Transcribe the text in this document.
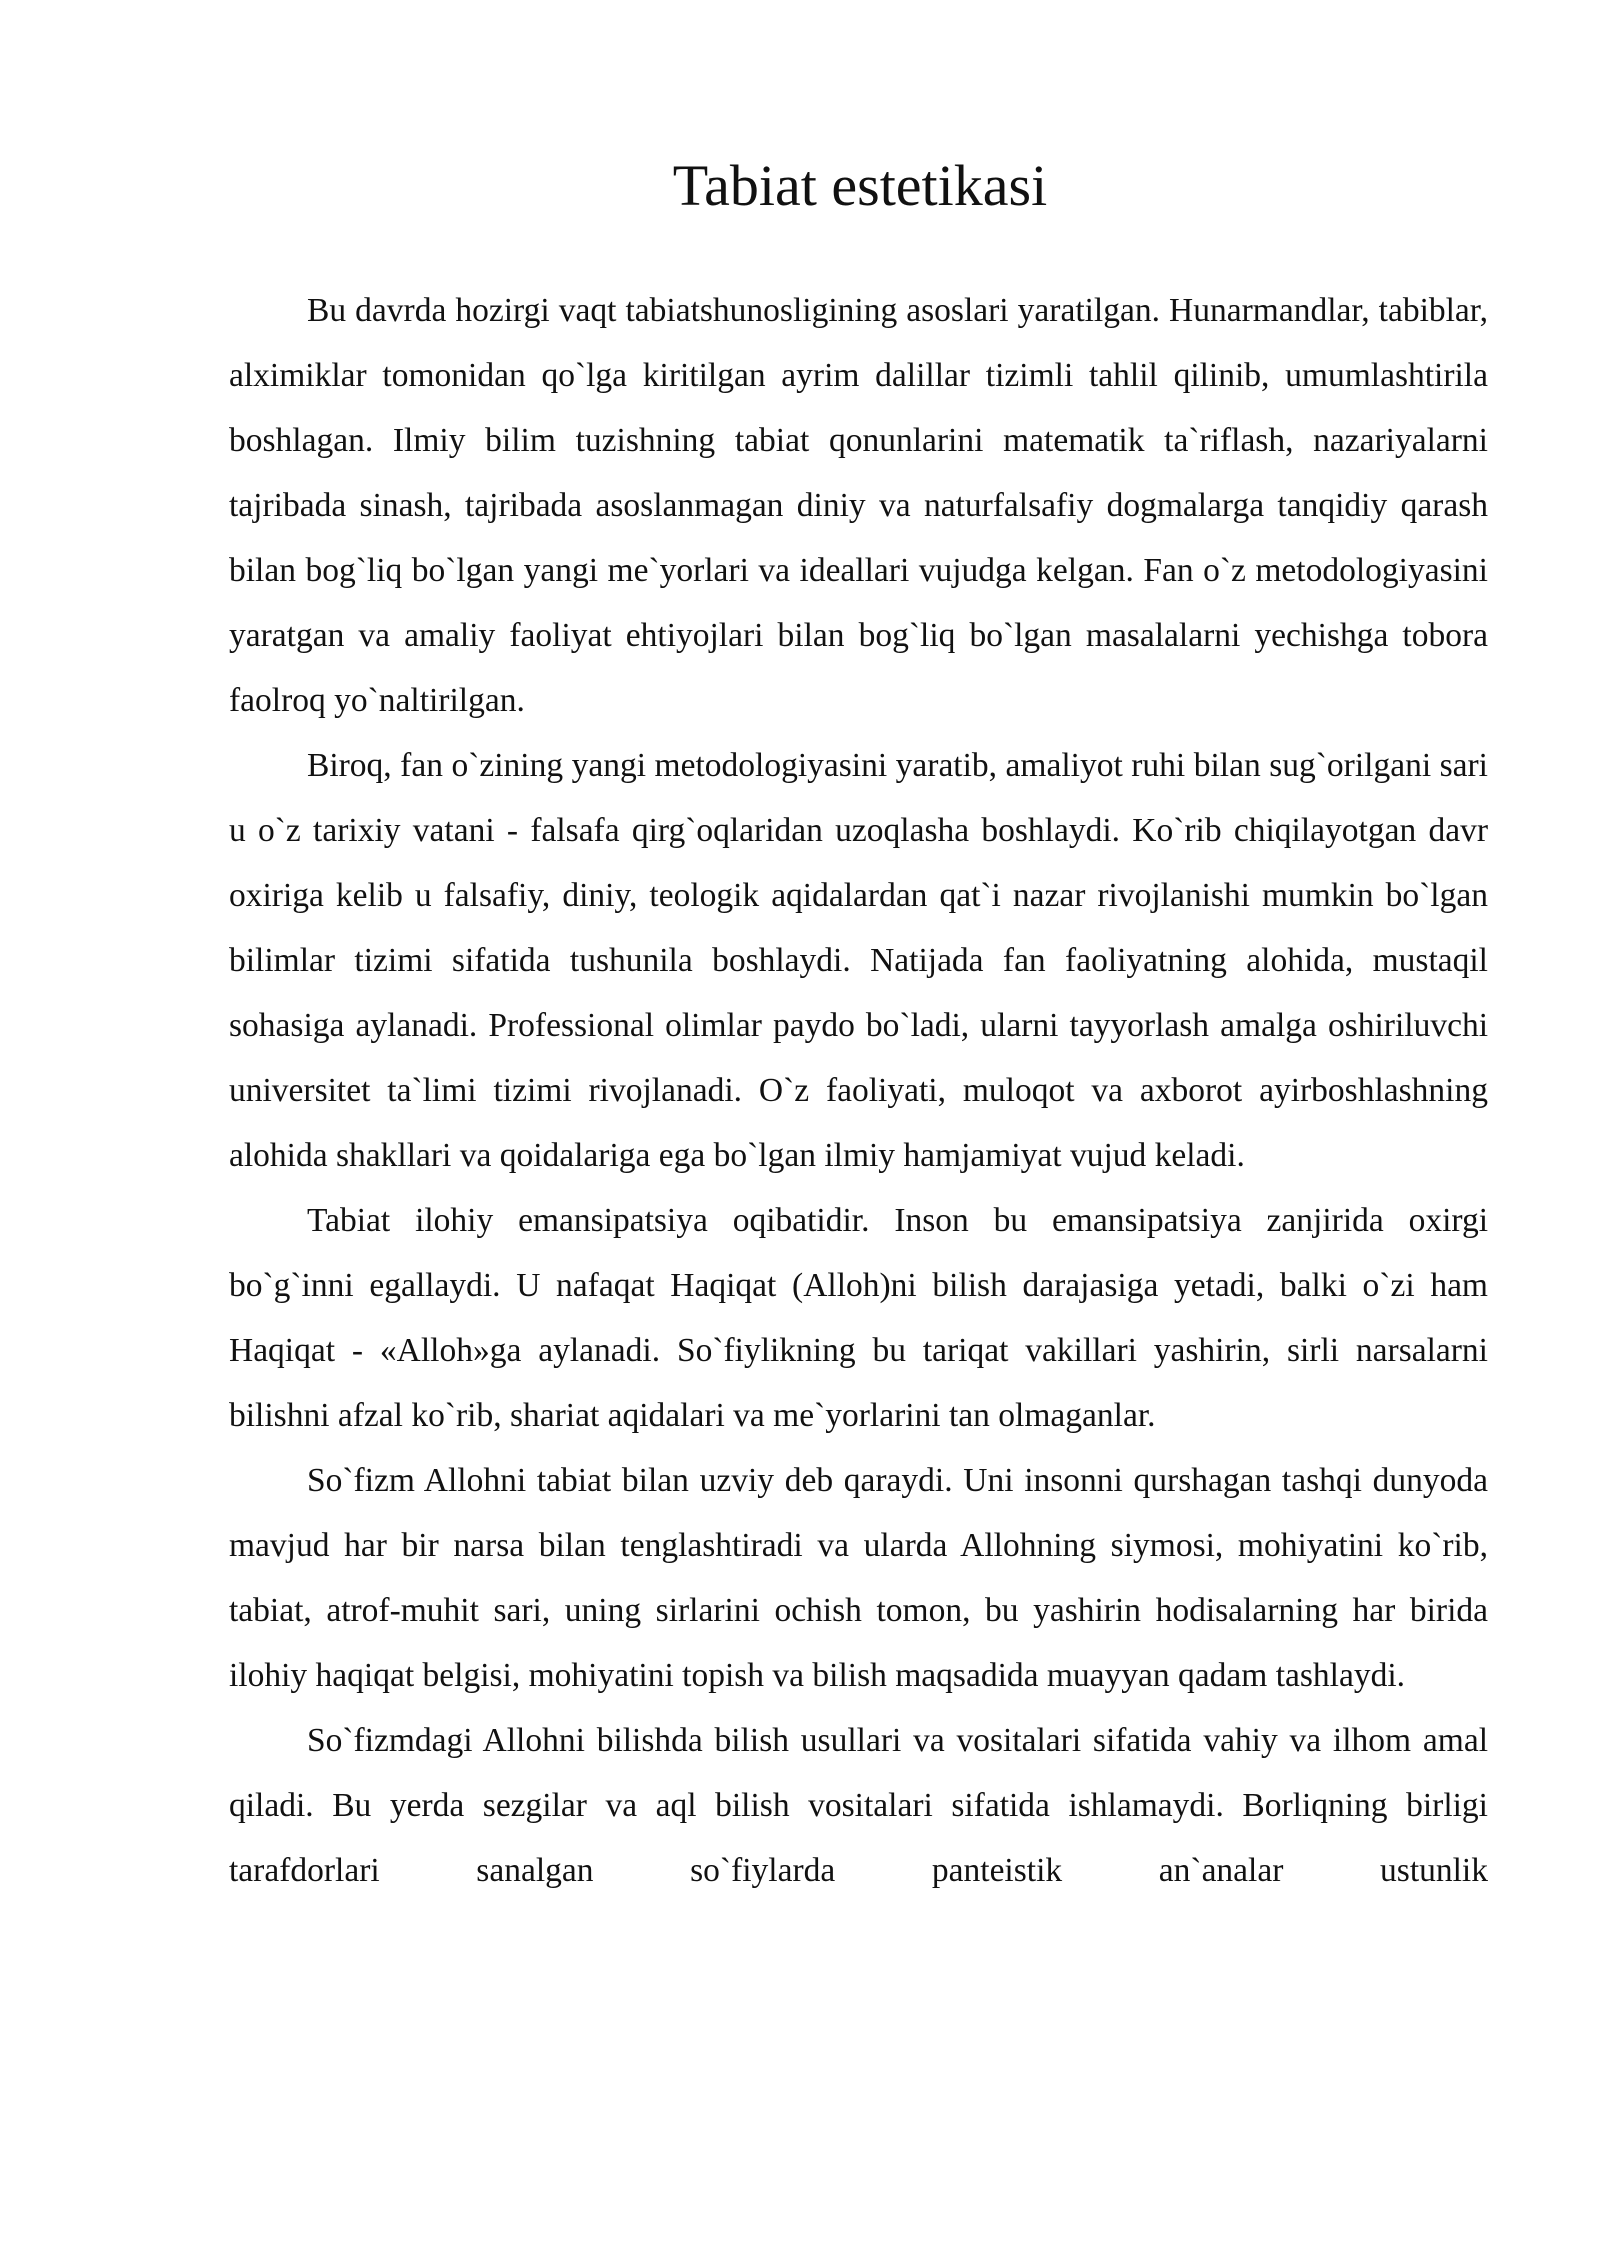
Tabiat estetikasi

Bu davrda hozirgi vaqt tabiatshunosligining asoslari yaratilgan. Hunarmandlar, tabiblar, alximiklar tomonidan qo`lga kiritilgan ayrim dalillar tizimli tahlil qilinib, umumlashtirila boshlagan. Ilmiy bilim tuzishning tabiat qonunlarini matematik ta`riflash, nazariyalarni tajribada sinash, tajribada asoslanmagan diniy va naturfalsafiy dogmalarga tanqidiy qarash bilan bog`liq bo`lgan yangi me`yorlari va ideallari vujudga kelgan. Fan o`z metodologiyasini yaratgan va amaliy faoliyat ehtiyojlari bilan bog`liq bo`lgan masalalarni yechishga tobora faolroq yo`naltirilgan.

Biroq, fan o`zining yangi metodologiyasini yaratib, amaliyot ruhi bilan sug`orilgani sari u o`z tarixiy vatani - falsafa qirg`oqlaridan uzoqlasha boshlaydi. Ko`rib chiqilayotgan davr oxiriga kelib u falsafiy, diniy, teologik aqidalardan qat`i nazar rivojlanishi mumkin bo`lgan bilimlar tizimi sifatida tushunila boshlaydi. Natijada fan faoliyatning alohida, mustaqil sohasiga aylanadi. Professional olimlar paydo bo`ladi, ularni tayyorlash amalga oshiriluvchi universitet ta`limi tizimi rivojlanadi. O`z faoliyati, muloqot va axborot ayirboshlashning alohida shakllari va qoidalariga ega bo`lgan ilmiy hamjamiyat vujud keladi.

Tabiat ilohiy emansipatsiya oqibatidir. Inson bu emansipatsiya zanjirida oxirgi bo`g`inni egallaydi. U nafaqat Haqiqat (Alloh)ni bilish darajasiga yetadi, balki o`zi ham Haqiqat - «Alloh»ga aylanadi. So`fiylikning bu tariqat vakillari yashirin, sirli narsalarni bilishni afzal ko`rib, shariat aqidalari va me`yorlarini tan olmaganlar.

So`fizm Allohni tabiat bilan uzviy deb qaraydi. Uni insonni qurshagan tashqi dunyoda mavjud har bir narsa bilan tenglashtiradi va ularda Allohning siymosi, mohiyatini ko`rib, tabiat, atrof-muhit sari, uning sirlarini ochish tomon, bu yashirin hodisalarning har birida ilohiy haqiqat belgisi, mohiyatini topish va bilish maqsadida muayyan qadam tashlaydi.

So`fizmdagi Allohni bilishda bilish usullari va vositalari sifatida vahiy va ilhom amal qiladi. Bu yerda sezgilar va aql bilish vositalari sifatida ishlamaydi. Borliqning birligi tarafdorlari sanalgan so`fiylarda panteistik an`analar ustunlik
